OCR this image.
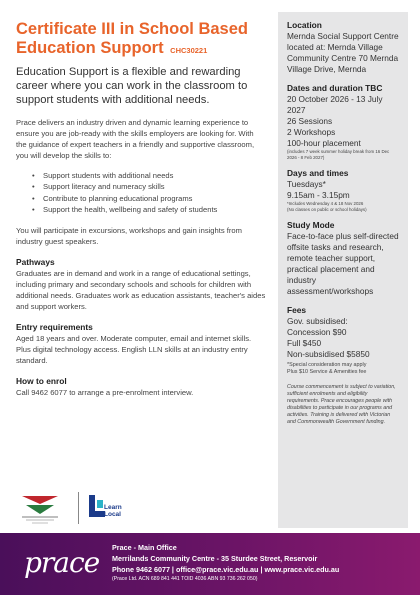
Certificate III in School Based Education Support CHC30221
Education Support is a flexible and rewarding career where you can work in the classroom to support students with additional needs.
Prace delivers an industry driven and dynamic learning experience to ensure you are job-ready with the skills employers are looking for. With the guidance of expert teachers in a friendly and supportive classroom, you will develop the skills to:
• Support students with additional needs
• Support literacy and numeracy skills
• Contribute to planning educational programs
• Support the health, wellbeing and safety of students
You will participate in excursions, workshops and gain insights from industry guest speakers.
Pathways
Graduates are in demand and work in a range of educational settings, including primary and secondary schools and schools for children with additional needs. Graduates work as education assistants, teacher's aides and support workers.
Entry requirements
Aged 18 years and over. Moderate computer, email and internet skills. Plus digital technology access. English LLN skills at an industry entry standard.
How to enrol
Call 9462 6077 to arrange a pre-enrolment interview.
Location
Mernda Social Support Centre located at: Mernda Village Community Centre 70 Mernda Village Drive, Mernda
Dates and duration TBC
20 October 2026 - 13 July 2027
26 Sessions
2 Workshops
100-hour placement
(includes 7 week summer holiday break from 16 Dec 2026 - 8 Feb 2027)
Days and times
Tuesdays*
9.15am - 3.15pm
*Includes Wednesday 4 & 18 Nov 2026
(No classes on public or school holidays)
Study Mode
Face-to-face plus self-directed offsite tasks and research, remote teacher support, practical placement and industry assessment/workshops
Fees
Gov. subsidised:
Concession $90
Full $450
Non-subsidised $5850
*Special consideration may apply
Plus $10 Service & Amenities fee
Course commencement is subject to variation, sufficient enrolments and eligibility requirements. Prace encourages people with disabilities to participate in our programs and activities. Training is delivered with Victorian and Commonwealth Government funding.
Learn
Local
prace Prace - Main Office
Merrilands Community Centre - 35 Sturdee Street, Reservoir
Phone 9462 6077 | office@prace.vic.edu.au | www.prace.vic.edu.au
(Prace Ltd. ACN 689 841 441 TOID 4036 ABN 93 736 262 050)
